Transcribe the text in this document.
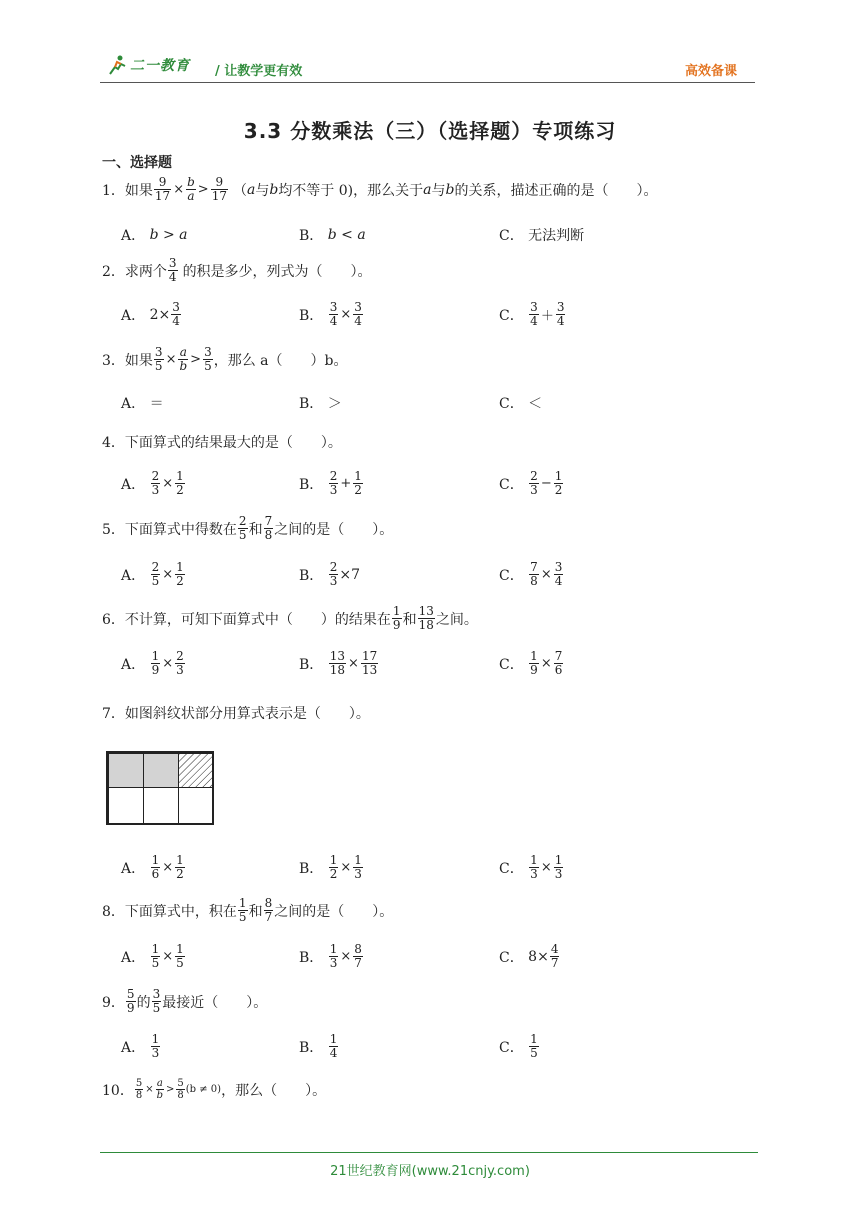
二一教育 / 让教学更有效	高效备课
3.3 分数乘法（三）（选择题）专项练习
一、选择题
1． 如果 $\frac{9}{17} \times \frac{b}{a} > \frac{9}{17}$ （ a 与 b 均不等于 0)，那么关于 a 与 b 的关系，描述正确的是（　　）。
A．
b > a	B．
b < a	C．
无法判断
2． 求两个 $\frac{3}{4}$ 的积是多少，列式为（　　）。
A．
$2\times \frac{3}{4}$	B．
$\frac{3}{4} \times \frac{3}{4}$	C．
$\frac{3}{4} + \frac{3}{4}$
3． 如果 $\frac{3}{5} \times \frac{a}{b} > \frac{3}{5}$ ，那么 a（　　）b。
A．
＝	B．
＞	C．
＜
4． 下面算式的结果最大的是（　　）。
A．
$\frac{2}{3} \times \frac{1}{2}$	B．
$\frac{2}{3} + \frac{1}{2}$	C．
$\frac{2}{3} - \frac{1}{2}$
5． 下面算式中得数在 $\frac{2}{5}$ 和 $\frac{7}{8}$ 之间的是（　　）。
A．
$\frac{2}{5} \times \frac{1}{2}$	B．
$\frac{2}{3} \times 7$	C．
$\frac{7}{8} \times \frac{3}{4}$
6． 不计算，可知下面算式中（　　）的结果在 $\frac{1}{9}$ 和 $\frac{13}{18}$ 之间。
A．
$\frac{1}{9} \times \frac{2}{3}$	B．
$\frac{13}{18} \times \frac{17}{13}$	C．
$\frac{1}{9} \times \frac{7}{6}$
7． 如图斜纹状部分用算式表示是（　　）。
A．
$\frac{1}{6} \times \frac{1}{2}$	B．
$\frac{1}{2} \times \frac{1}{3}$	C．
$\frac{1}{3} \times \frac{1}{3}$
8． 下面算式中，积在 $\frac{1}{5}$ 和 $\frac{8}{7}$ 之间的是（　　）。
A．
$\frac{1}{5} \times \frac{1}{5}$	B．
$\frac{1}{3} \times \frac{8}{7}$	C．
$8\times \frac{4}{7}$
9． $\frac{5}{9}$ 的 $\frac{3}{5}$ 最接近（　　）。
A．
$\frac{1}{3}$	B．
$\frac{1}{4}$	C．
$\frac{1}{5}$
10． $\frac{5}{8} \times \frac{a}{b} > \frac{5}{8} (b \ne 0)$ ，那么（　　）。
21世纪教育网(www.21cnjy.com)
